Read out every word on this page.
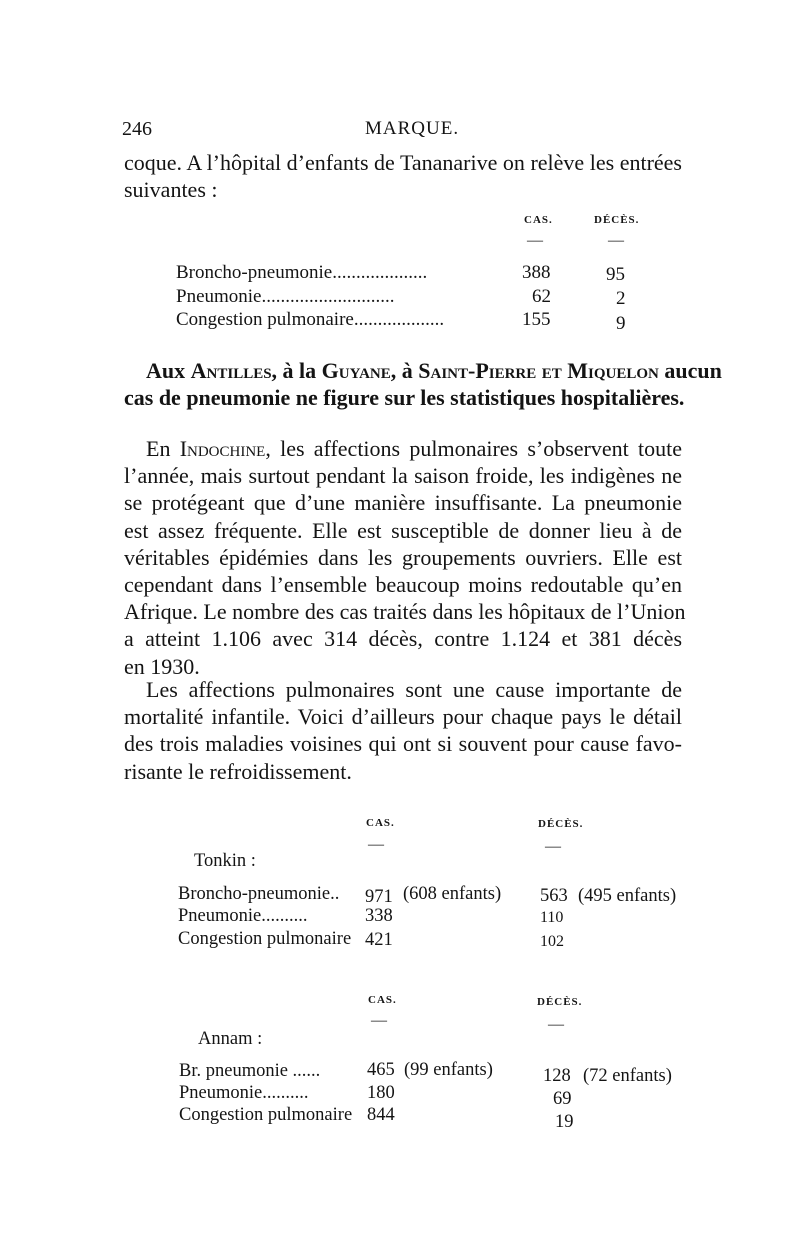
246	MARQUE.
coque. A l’hôpital d’enfants de Tananarive on relève les entrées
suivantes :
CAS.	DÉCÈS.
—	—
Broncho-pneumonie....................	388	95
Pneumonie............................	62	2
Congestion pulmonaire...................	155	9
Aux Antilles, à la Guyane, à Saint-Pierre et Miquelon aucun
cas de pneumonie ne figure sur les statistiques hospitalières.
En Indochine, les affections pulmonaires s’observent toute
l’année, mais surtout pendant la saison froide, les indigènes ne
se protégeant que d’une manière insuffisante. La pneumonie
est assez fréquente. Elle est susceptible de donner lieu à de
véritables épidémies dans les groupements ouvriers. Elle est
cependant dans l’ensemble beaucoup moins redoutable qu’en
Afrique. Le nombre des cas traités dans les hôpitaux de l’Union
a atteint 1.106 avec 314 décès, contre 1.124 et 381 décès
en 1930.
Les affections pulmonaires sont une cause importante de
mortalité infantile. Voici d’ailleurs pour chaque pays le détail
des trois maladies voisines qui ont si souvent pour cause favo-
risante le refroidissement.
CAS.	DÉCÈS.
—	—
Tonkin :
Broncho-pneumonie.. 971 (608 enfants) 563 (495 enfants)
Pneumonie..........	338	110
Congestion pulmonaire 421	102
CAS.	DÉCÈS.
—	—
Annam :
Br. pneumonie ......	465 (99 enfants)	128 (72 enfants)
Pneumonie..........	180	69
Congestion pulmonaire 844	19
